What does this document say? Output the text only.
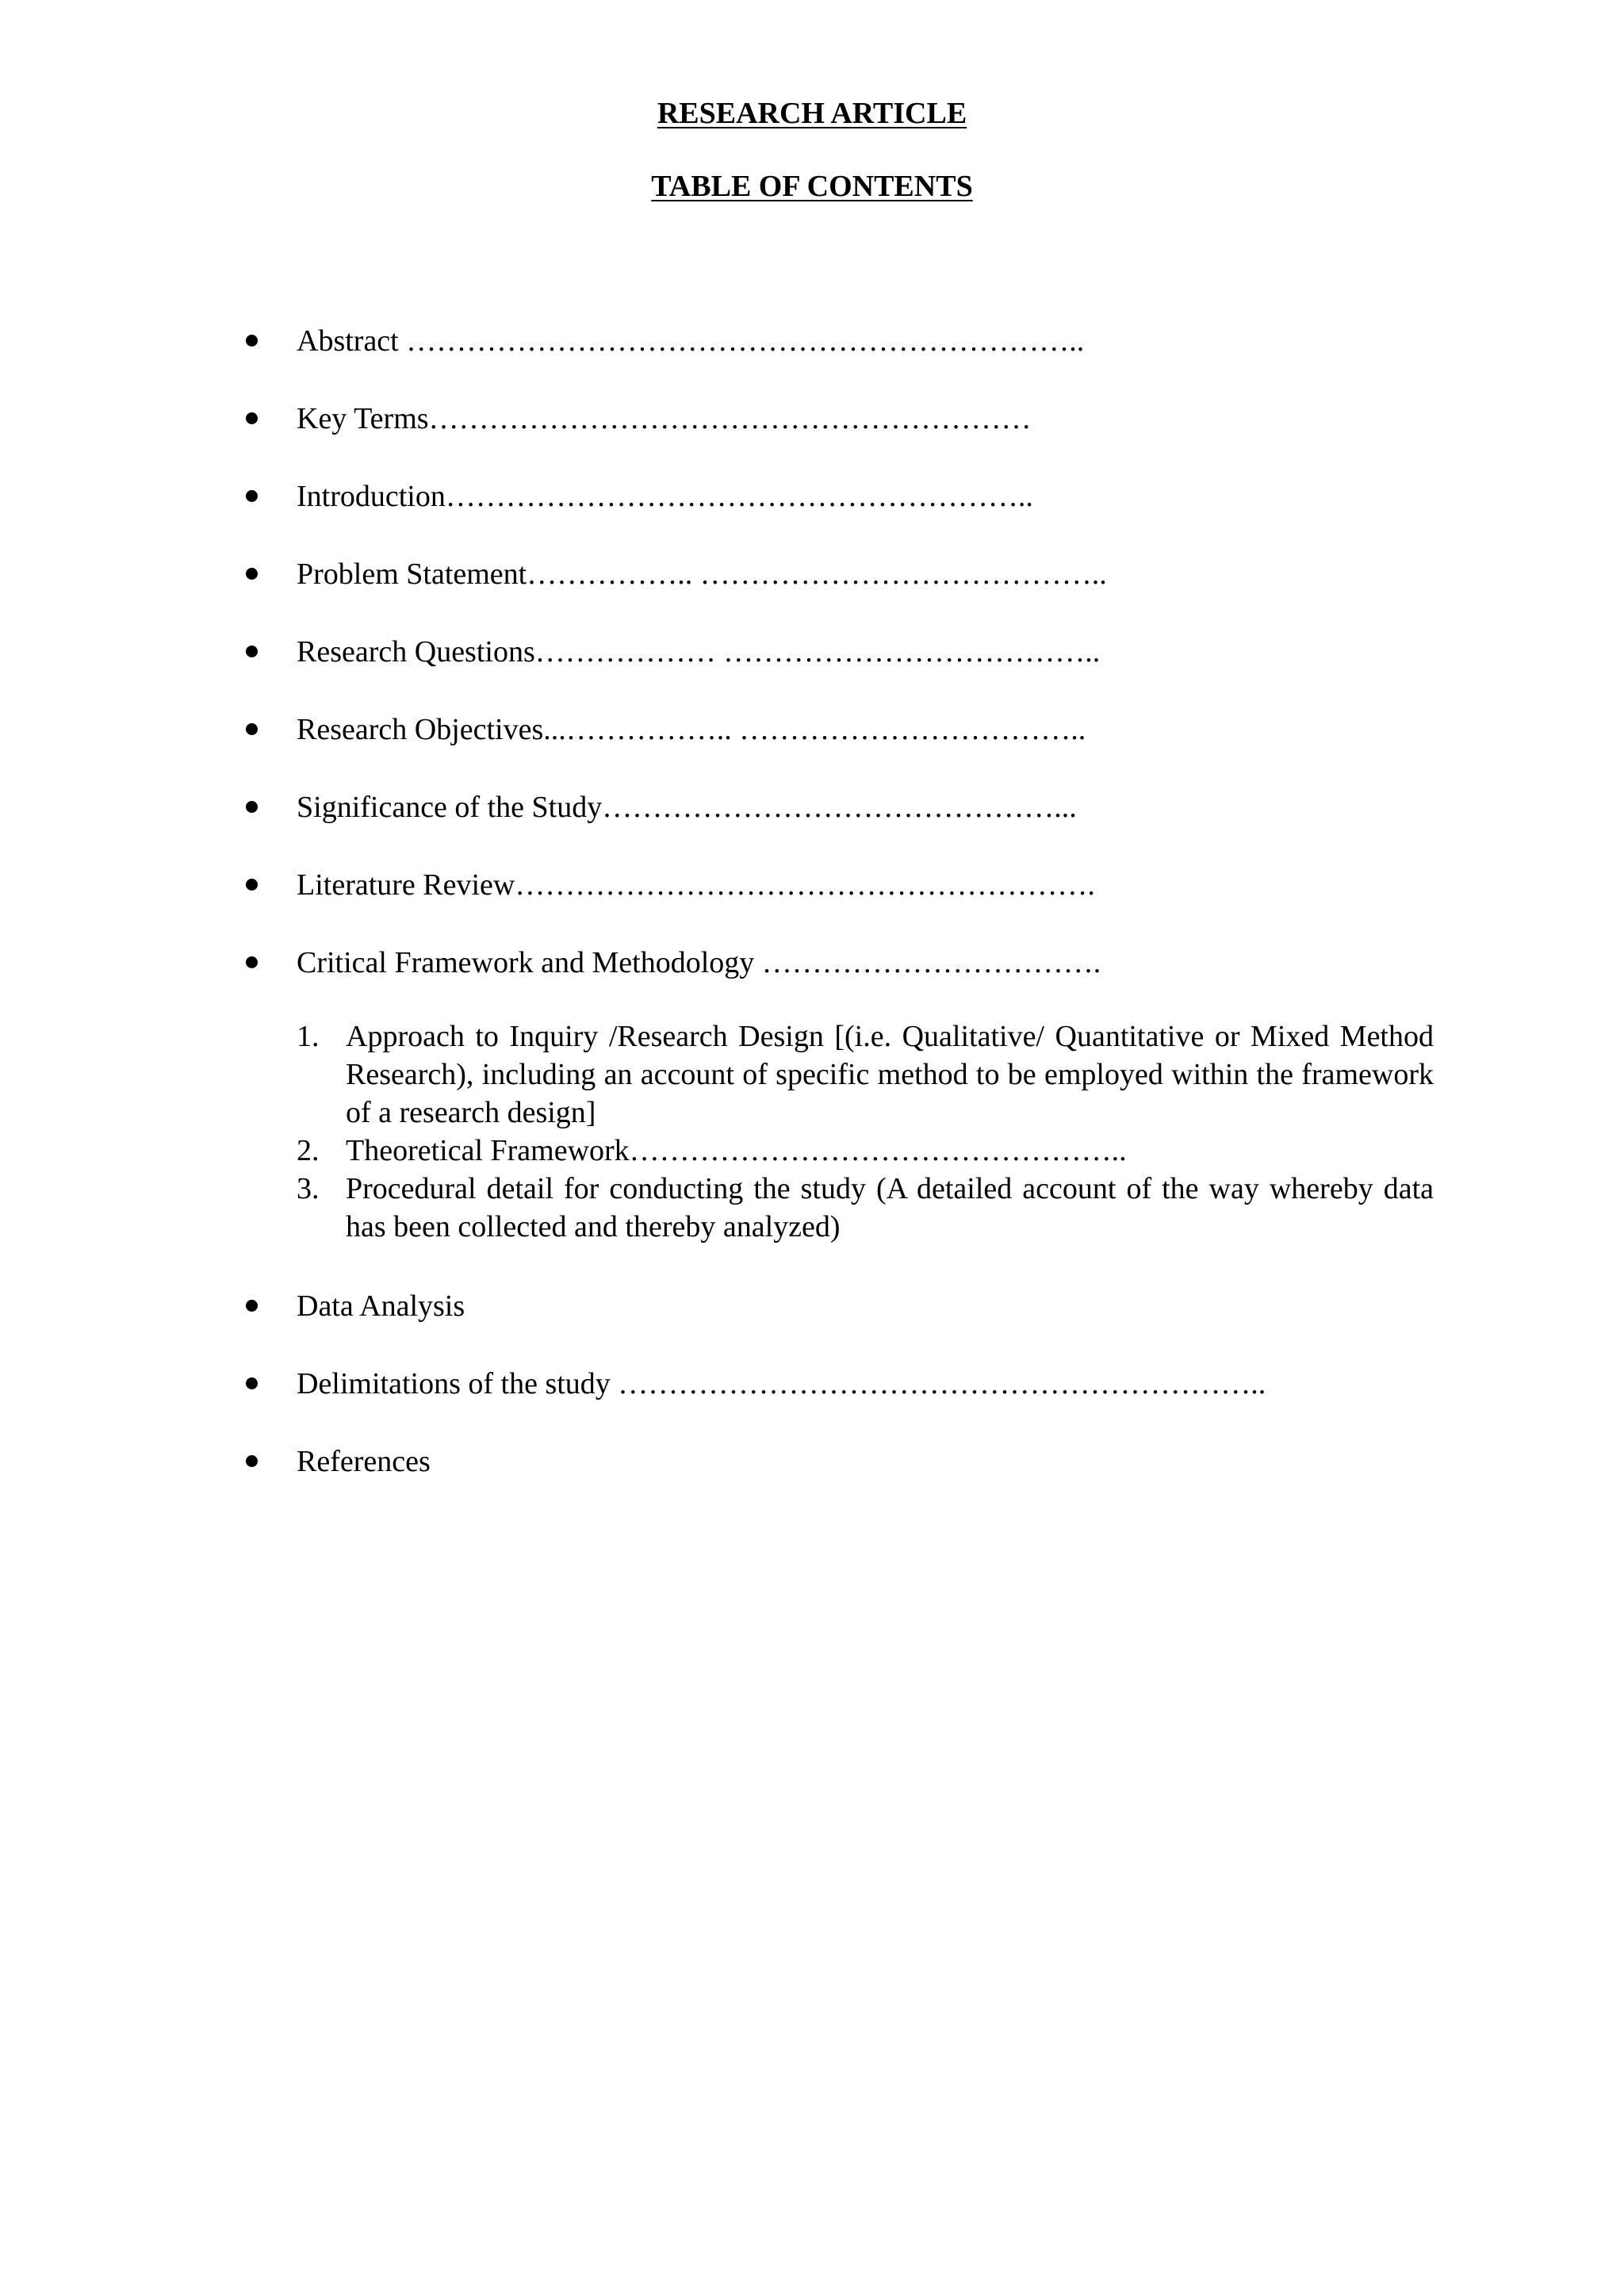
RESEARCH ARTICLE
TABLE OF CONTENTS
Abstract …………………………………………………………..
Key Terms……………………………………………………
Introduction…………………………………………………..
Problem Statement…………….. …………………………………..
Research Questions……………… ………………………………..
Research Objectives...…………….. ……………………………..
Significance of the Study………………………………………...
Literature Review………………………………………………….
Critical Framework and Methodology …………………………….
1. Approach to Inquiry /Research Design [(i.e. Qualitative/ Quantitative or Mixed Method Research), including an account of specific method to be employed within the framework of a research design]
2. Theoretical Framework…………………………………………..
3. Procedural detail for conducting the study (A detailed account of the way whereby data has been collected and thereby analyzed)
Data Analysis
Delimitations of the study ………………………………………………………..
References
